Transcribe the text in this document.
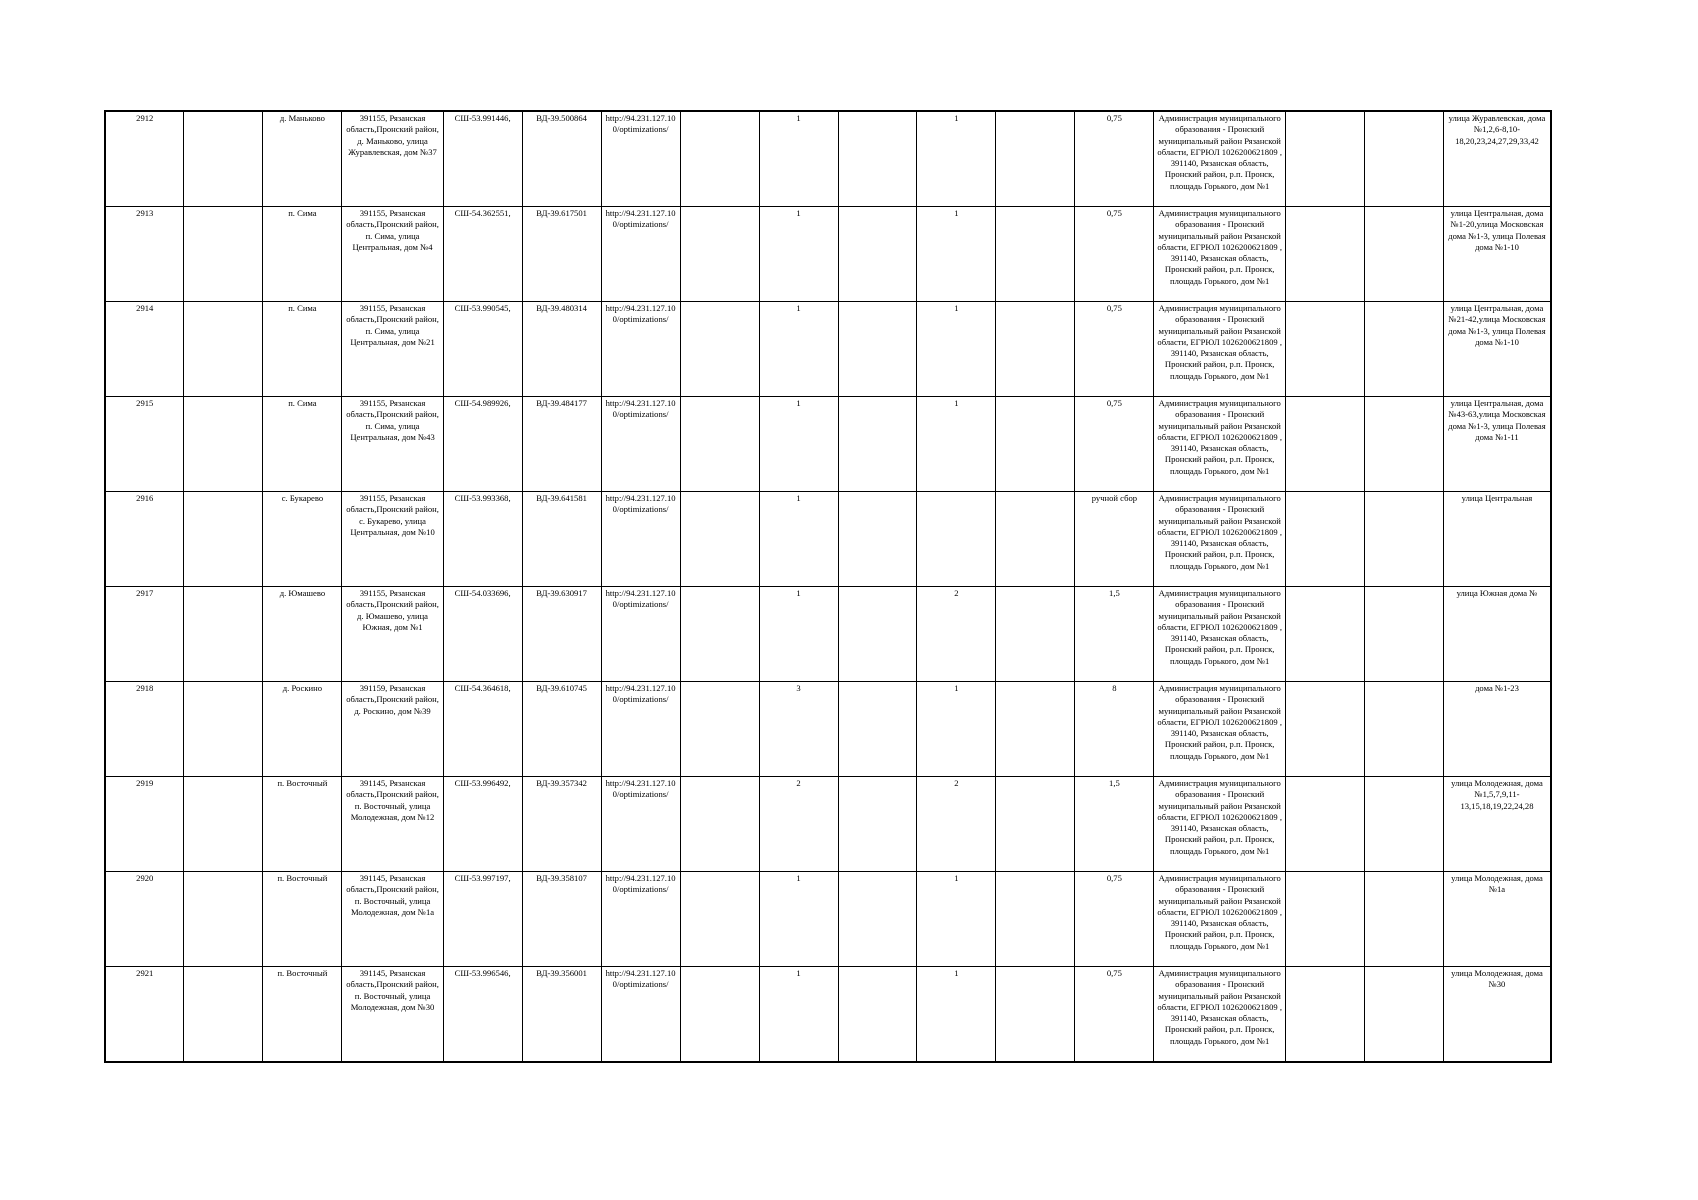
2912		д. Маньково	391155, Рязанская область,Пронский район, д. Маньково, улица Журавлевская, дом №37	СШ-53.991446,	ВД-39.500864	http://94.231.127.100/optimizations/		1		1		0,75	Администрация муниципального образования - Пронский муниципальный район Рязанской области, ЕГРЮЛ 1026200621809 , 391140, Рязанская область, Пронский район, р.п. Пронск, площадь Горького, дом №1			улица Журавлевская, дома №1,2,6-8,10-18,20,23,24,27,29,33,42
2913		п. Сима	391155, Рязанская область,Пронский район, п. Сима, улица Центральная, дом №4	СШ-54.362551,	ВД-39.617501	http://94.231.127.100/optimizations/		1		1		0,75	Администрация муниципального образования - Пронский муниципальный район Рязанской области, ЕГРЮЛ 1026200621809 , 391140, Рязанская область, Пронский район, р.п. Пронск, площадь Горького, дом №1			улица Центральная, дома №1-20,улица Московская дома №1-3, улица Полевая дома №1-10
2914		п. Сима	391155, Рязанская область,Пронский район, п. Сима, улица Центральная, дом №21	СШ-53.990545,	ВД-39.480314	http://94.231.127.100/optimizations/		1		1		0,75	Администрация муниципального образования - Пронский муниципальный район Рязанской области, ЕГРЮЛ 1026200621809 , 391140, Рязанская область, Пронский район, р.п. Пронск, площадь Горького, дом №1			улица Центральная, дома №21-42,улица Московская дома №1-3, улица Полевая дома №1-10
2915		п. Сима	391155, Рязанская область,Пронский район, п. Сима, улица Центральная, дом №43	СШ-54.989926,	ВД-39.484177	http://94.231.127.100/optimizations/		1		1		0,75	Администрация муниципального образования - Пронский муниципальный район Рязанской области, ЕГРЮЛ 1026200621809 , 391140, Рязанская область, Пронский район, р.п. Пронск, площадь Горького, дом №1			улица Центральная, дома №43-63,улица Московская дома №1-3, улица Полевая дома №1-11
2916		с. Букарево	391155, Рязанская область,Пронский район, с. Букарево, улица Центральная, дом №10	СШ-53.993368,	ВД-39.641581	http://94.231.127.100/optimizations/		1				ручной сбор	Администрация муниципального образования - Пронский муниципальный район Рязанской области, ЕГРЮЛ 1026200621809 , 391140, Рязанская область, Пронский район, р.п. Пронск, площадь Горького, дом №1			улица Центральная
2917		д. Юмашево	391155, Рязанская область,Пронский район, д. Юмашево, улица Южная, дом №1	СШ-54.033696,	ВД-39.630917	http://94.231.127.100/optimizations/		1		2		1,5	Администрация муниципального образования - Пронский муниципальный район Рязанской области, ЕГРЮЛ 1026200621809 , 391140, Рязанская область, Пронский район, р.п. Пронск, площадь Горького, дом №1			улица Южная дома №
2918		д. Роскино	391159, Рязанская область,Пронский район, д. Роскино, дом №39	СШ-54.364618,	ВД-39.610745	http://94.231.127.100/optimizations/		3		1		8	Администрация муниципального образования - Пронский муниципальный район Рязанской области, ЕГРЮЛ 1026200621809 , 391140, Рязанская область, Пронский район, р.п. Пронск, площадь Горького, дом №1			дома №1-23
2919		п. Восточный	391145, Рязанская область,Пронский район, п. Восточный, улица Молодежная, дом №12	СШ-53.996492,	ВД-39.357342	http://94.231.127.100/optimizations/		2		2		1,5	Администрация муниципального образования - Пронский муниципальный район Рязанской области, ЕГРЮЛ 1026200621809 , 391140, Рязанская область, Пронский район, р.п. Пронск, площадь Горького, дом №1			улица Молодежная, дома №1,5,7,9,11-13,15,18,19,22,24,28
2920		п. Восточный	391145, Рязанская область,Пронский район, п. Восточный, улица Молодежная, дом №1а	СШ-53.997197,	ВД-39.358107	http://94.231.127.100/optimizations/		1		1		0,75	Администрация муниципального образования - Пронский муниципальный район Рязанской области, ЕГРЮЛ 1026200621809 , 391140, Рязанская область, Пронский район, р.п. Пронск, площадь Горького, дом №1			улица Молодежная, дома №1а
2921		п. Восточный	391145, Рязанская область,Пронский район, п. Восточный, улица Молодежная, дом №30	СШ-53.996546,	ВД-39.356001	http://94.231.127.100/optimizations/		1		1		0,75	Администрация муниципального образования - Пронский муниципальный район Рязанской области, ЕГРЮЛ 1026200621809 , 391140, Рязанская область, Пронский район, р.п. Пронск, площадь Горького, дом №1			улица Молодежная, дома №30
